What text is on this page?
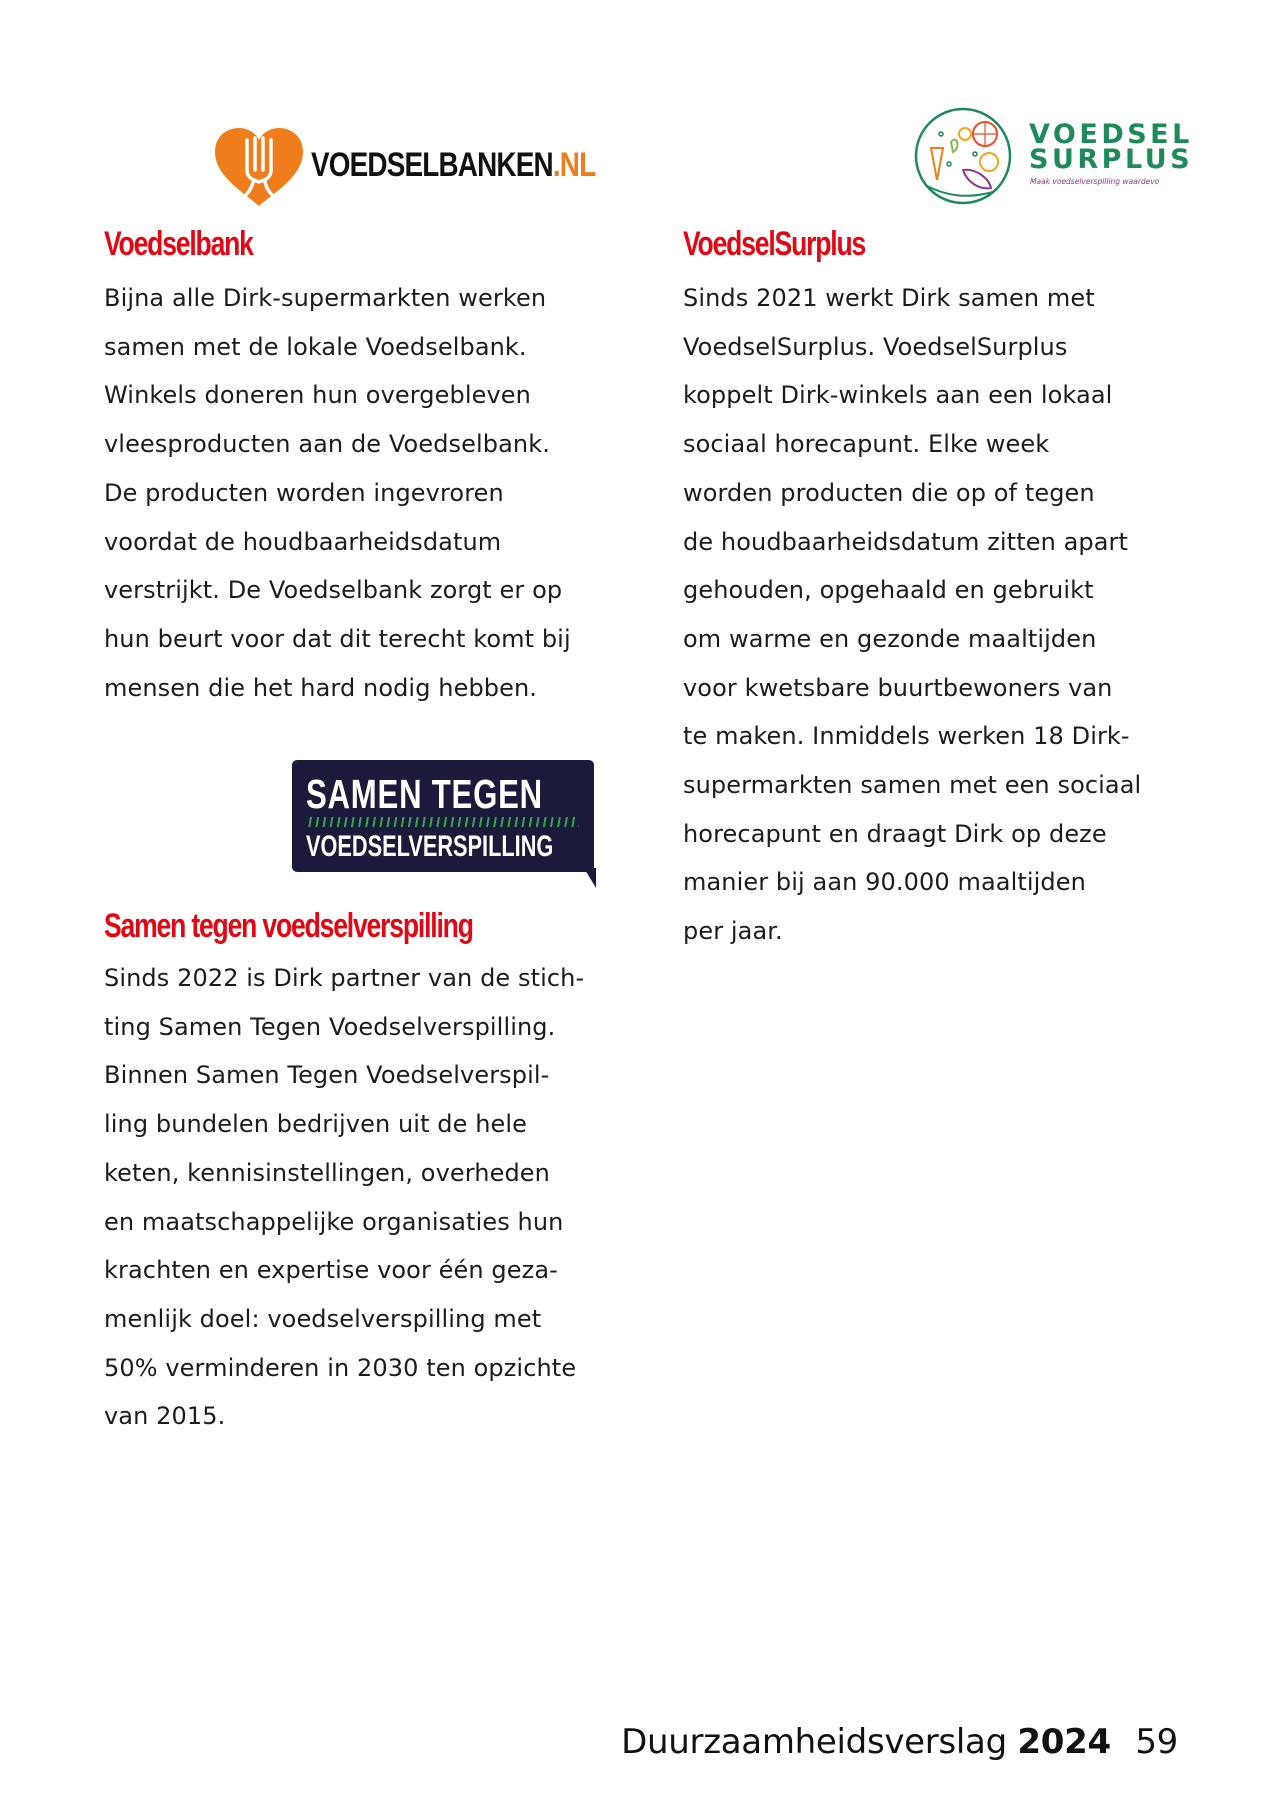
VOEDSELBANKEN.NL
VOEDSEL
SURPLUS
Maak voedselverspilling waardevo
Voedselbank
Bijna alle Dirk-supermarkten werken
samen met de lokale Voedselbank.
Winkels doneren hun overgebleven
vleesproducten aan de Voedselbank.
De producten worden ingevroren
voordat de houdbaarheidsdatum
verstrijkt. De Voedselbank zorgt er op
hun beurt voor dat dit terecht komt bij
mensen die het hard nodig hebben.
SAMEN TEGEN
VOEDSELVERSPILLING
Samen tegen voedselverspilling
Sinds 2022 is Dirk partner van de stich-
ting Samen Tegen Voedselverspilling.
Binnen Samen Tegen Voedselverspil-
ling bundelen bedrijven uit de hele
keten, kennisinstellingen, overheden
en maatschappelijke organisaties hun
krachten en expertise voor één geza-
menlijk doel: voedselverspilling met
50% verminderen in 2030 ten opzichte
van 2015.
VoedselSurplus
Sinds 2021 werkt Dirk samen met
VoedselSurplus. VoedselSurplus
koppelt Dirk-winkels aan een lokaal
sociaal horecapunt. Elke week
worden producten die op of tegen
de houdbaarheidsdatum zitten apart
gehouden, opgehaald en gebruikt
om warme en gezonde maaltijden
voor kwetsbare buurtbewoners van
te maken. Inmiddels werken 18 Dirk-
supermarkten samen met een sociaal
horecapunt en draagt Dirk op deze
manier bij aan 90.000 maaltijden
per jaar.
Duurzaamheidsverslag 2024 59
